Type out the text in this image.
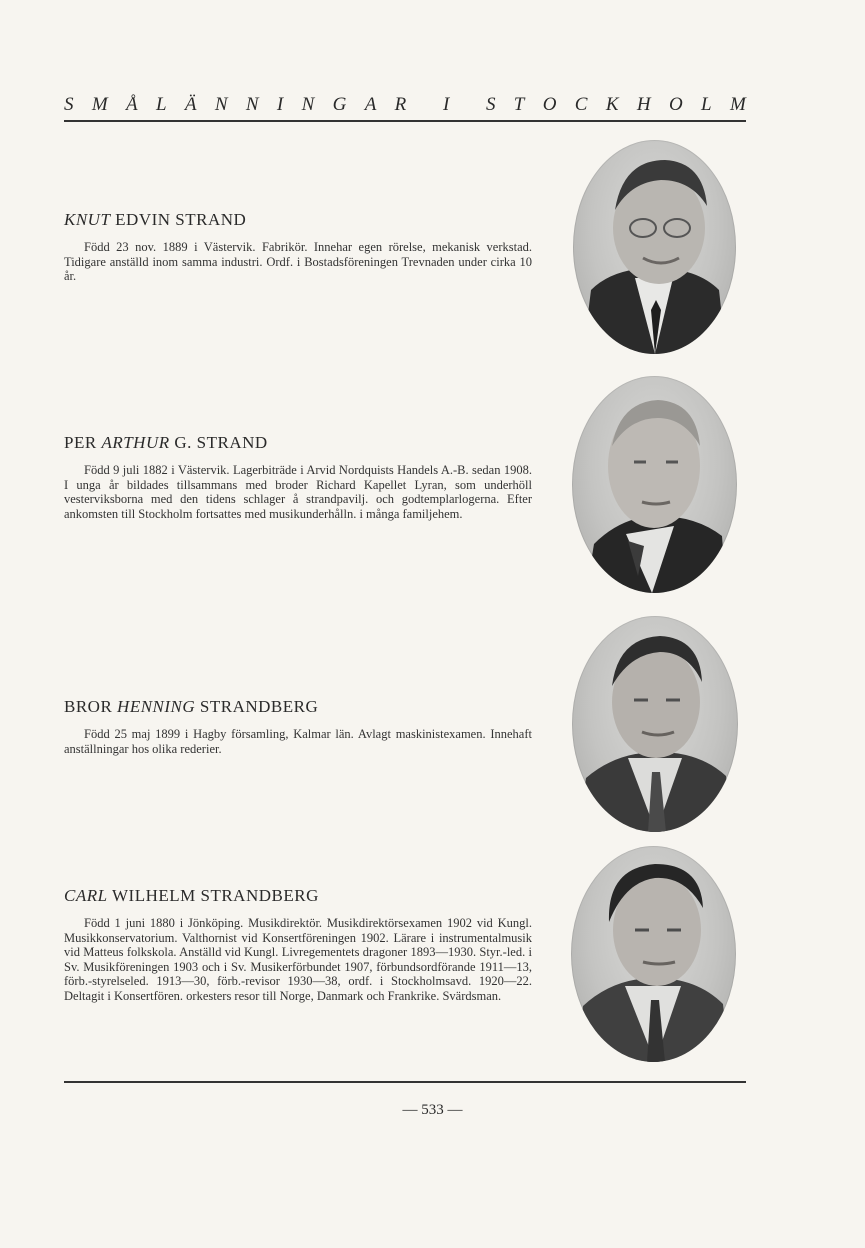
S M Å L Ä N N I N G A R I S T O C K H O L M
KNUT EDVIN STRAND

Född 23 nov. 1889 i Västervik. Fabrikör. Innehar egen rörelse, mekanisk verkstad. Tidigare anställd inom samma industri. Ordf. i Bostadsföreningen Trevnaden under cirka 10 år.

PER ARTHUR G. STRAND

Född 9 juli 1882 i Västervik. Lagerbiträde i Arvid Nordquists Handels A.-B. sedan 1908. I unga år bildades tillsammans med broder Richard Kapellet Lyran, som underhöll vesterviksborna med den tidens schlager å strandpavilj. och godtemplarlogerna. Efter ankomsten till Stockholm fortsattes med musikunderhålln. i många familjehem.

BROR HENNING STRANDBERG

Född 25 maj 1899 i Hagby församling, Kalmar län. Avlagt maskinistexamen. Innehaft anställningar hos olika rederier.

CARL WILHELM STRANDBERG

Född 1 juni 1880 i Jönköping. Musikdirektör. Musikdirektörsexamen 1902 vid Kungl. Musikkonservatorium. Valthornist vid Konsertföreningen 1902. Lärare i instrumentalmusik vid Matteus folkskola. Anställd vid Kungl. Livregementets dragoner 1893—1930. Styr.-led. i Sv. Musikföreningen 1903 och i Sv. Musikerförbundet 1907, förbundsordförande 1911—13, förb.-styrelseled. 1913—30, förb.-revisor 1930—38, ordf. i Stockholmsavd. 1920—22. Deltagit i Konsertfören. orkesters resor till Norge, Danmark och Frankrike. Svärdsman.

— 533 —
